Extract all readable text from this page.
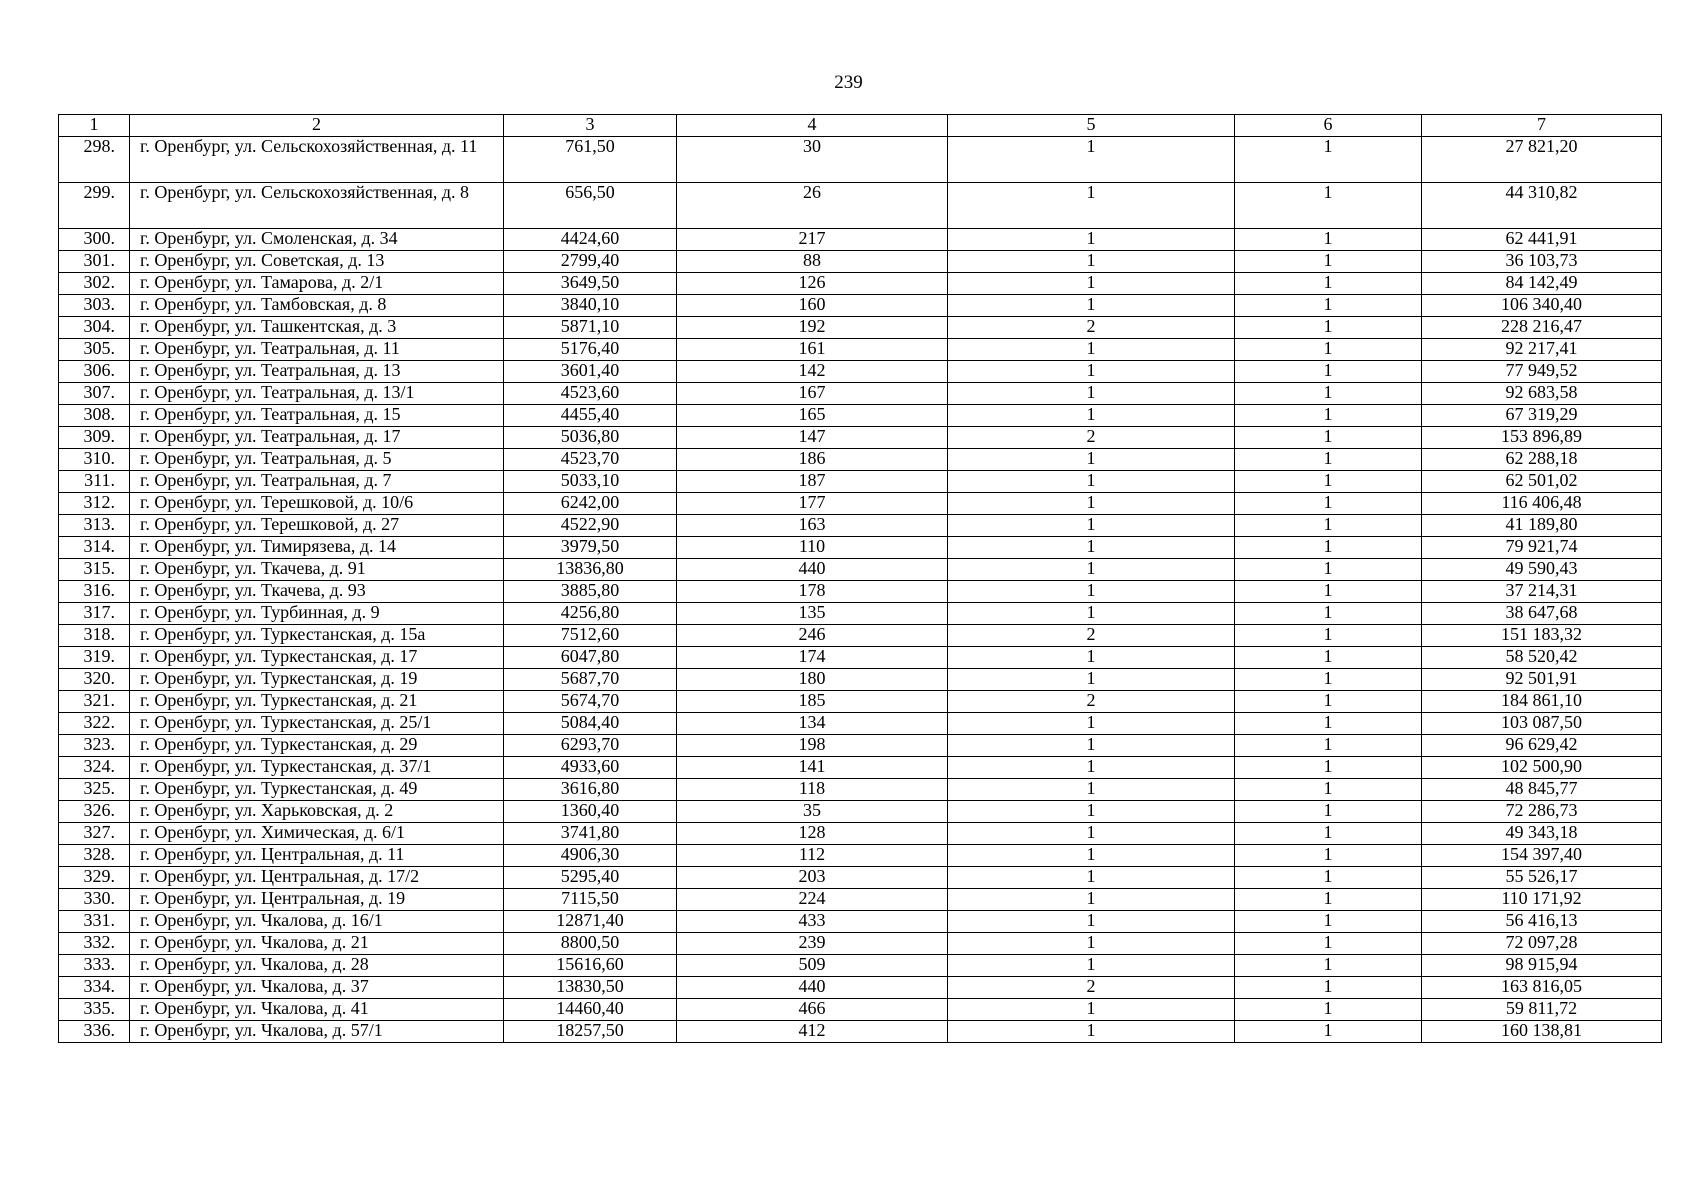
239
1	2	3	4	5	6	7
298.	г. Оренбург, ул. Сельскохозяйственная, д. 11	761,50	30	1	1	27 821,20
299.	г. Оренбург, ул. Сельскохозяйственная, д. 8	656,50	26	1	1	44 310,82
300.	г. Оренбург, ул. Смоленская, д. 34	4424,60	217	1	1	62 441,91
301.	г. Оренбург, ул. Советская, д. 13	2799,40	88	1	1	36 103,73
302.	г. Оренбург, ул. Тамарова, д. 2/1	3649,50	126	1	1	84 142,49
303.	г. Оренбург, ул. Тамбовская, д. 8	3840,10	160	1	1	106 340,40
304.	г. Оренбург, ул. Ташкентская, д. 3	5871,10	192	2	1	228 216,47
305.	г. Оренбург, ул. Театральная, д. 11	5176,40	161	1	1	92 217,41
306.	г. Оренбург, ул. Театральная, д. 13	3601,40	142	1	1	77 949,52
307.	г. Оренбург, ул. Театральная, д. 13/1	4523,60	167	1	1	92 683,58
308.	г. Оренбург, ул. Театральная, д. 15	4455,40	165	1	1	67 319,29
309.	г. Оренбург, ул. Театральная, д. 17	5036,80	147	2	1	153 896,89
310.	г. Оренбург, ул. Театральная, д. 5	4523,70	186	1	1	62 288,18
311.	г. Оренбург, ул. Театральная, д. 7	5033,10	187	1	1	62 501,02
312.	г. Оренбург, ул. Терешковой, д. 10/6	6242,00	177	1	1	116 406,48
313.	г. Оренбург, ул. Терешковой, д. 27	4522,90	163	1	1	41 189,80
314.	г. Оренбург, ул. Тимирязева, д. 14	3979,50	110	1	1	79 921,74
315.	г. Оренбург, ул. Ткачева, д. 91	13836,80	440	1	1	49 590,43
316.	г. Оренбург, ул. Ткачева, д. 93	3885,80	178	1	1	37 214,31
317.	г. Оренбург, ул. Турбинная, д. 9	4256,80	135	1	1	38 647,68
318.	г. Оренбург, ул. Туркестанская, д. 15а	7512,60	246	2	1	151 183,32
319.	г. Оренбург, ул. Туркестанская, д. 17	6047,80	174	1	1	58 520,42
320.	г. Оренбург, ул. Туркестанская, д. 19	5687,70	180	1	1	92 501,91
321.	г. Оренбург, ул. Туркестанская, д. 21	5674,70	185	2	1	184 861,10
322.	г. Оренбург, ул. Туркестанская, д. 25/1	5084,40	134	1	1	103 087,50
323.	г. Оренбург, ул. Туркестанская, д. 29	6293,70	198	1	1	96 629,42
324.	г. Оренбург, ул. Туркестанская, д. 37/1	4933,60	141	1	1	102 500,90
325.	г. Оренбург, ул. Туркестанская, д. 49	3616,80	118	1	1	48 845,77
326.	г. Оренбург, ул. Харьковская, д. 2	1360,40	35	1	1	72 286,73
327.	г. Оренбург, ул. Химическая, д. 6/1	3741,80	128	1	1	49 343,18
328.	г. Оренбург, ул. Центральная, д. 11	4906,30	112	1	1	154 397,40
329.	г. Оренбург, ул. Центральная, д. 17/2	5295,40	203	1	1	55 526,17
330.	г. Оренбург, ул. Центральная, д. 19	7115,50	224	1	1	110 171,92
331.	г. Оренбург, ул. Чкалова, д. 16/1	12871,40	433	1	1	56 416,13
332.	г. Оренбург, ул. Чкалова, д. 21	8800,50	239	1	1	72 097,28
333.	г. Оренбург, ул. Чкалова, д. 28	15616,60	509	1	1	98 915,94
334.	г. Оренбург, ул. Чкалова, д. 37	13830,50	440	2	1	163 816,05
335.	г. Оренбург, ул. Чкалова, д. 41	14460,40	466	1	1	59 811,72
336.	г. Оренбург, ул. Чкалова, д. 57/1	18257,50	412	1	1	160 138,81
